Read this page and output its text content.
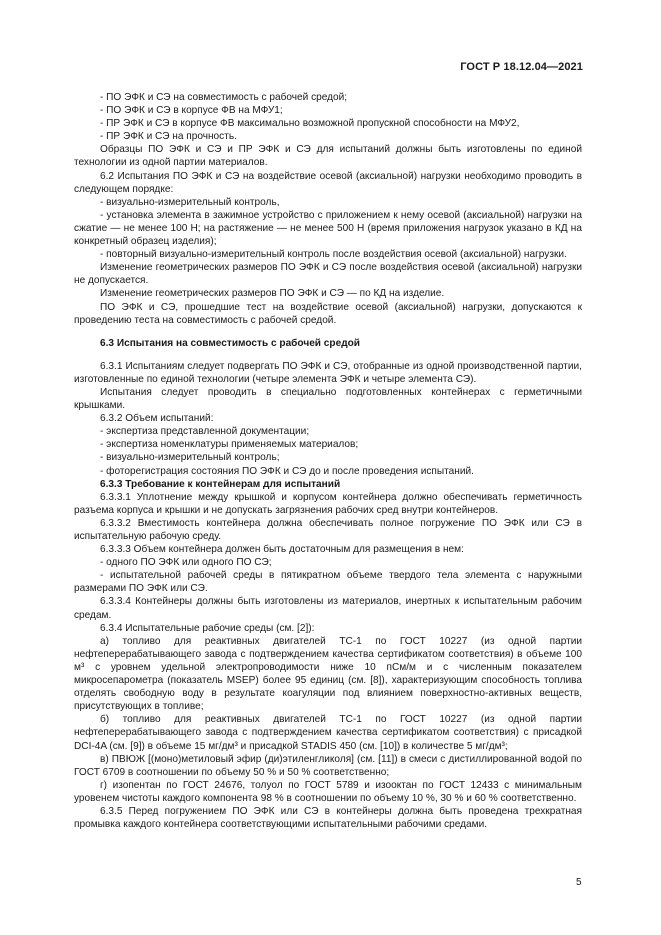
ГОСТ Р 18.12.04—2021

- ПО ЭФК и СЭ на совместимость с рабочей средой;

- ПО ЭФК и СЭ в корпусе ФВ на МФУ1;

- ПР ЭФК и СЭ в корпусе ФВ максимально возможной пропускной способности на МФУ2,

- ПР ЭФК и СЭ на прочность.

Образцы ПО ЭФК и СЭ и ПР ЭФК и СЭ для испытаний должны быть изготовлены по единой технологии из одной партии материалов.

6.2 Испытания ПО ЭФК и СЭ на воздействие осевой (аксиальной) нагрузки необходимо проводить в следующем порядке:

- визуально-измерительный контроль,

- установка элемента в зажимное устройство с приложением к нему осевой (аксиальной) нагрузки на сжатие — не менее 100 Н; на растяжение — не менее 500 Н (время приложения нагрузок указано в КД на конкретный образец изделия);

- повторный визуально-измерительный контроль после воздействия осевой (аксиальной) нагрузки.

Изменение геометрических размеров ПО ЭФК и СЭ после воздействия осевой (аксиальной) нагрузки не допускается.

Изменение геометрических размеров ПО ЭФК и СЭ — по КД на изделие.

ПО ЭФК и СЭ, прошедшие тест на воздействие осевой (аксиальной) нагрузки, допускаются к проведению теста на совместимость с рабочей средой.

6.3 Испытания на совместимость с рабочей средой

6.3.1 Испытаниям следует подвергать ПО ЭФК и СЭ, отобранные из одной производственной партии, изготовленные по единой технологии (четыре элемента ЭФК и четыре элемента СЭ).

Испытания следует проводить в специально подготовленных контейнерах с герметичными крышками.

6.3.2 Объем испытаний:

- экспертиза представленной документации;

- экспертиза номенклатуры применяемых материалов;

- визуально-измерительный контроль;

- фоторегистрация состояния ПО ЭФК и СЭ до и после проведения испытаний.

6.3.3 Требование к контейнерам для испытаний

6.3.3.1 Уплотнение между крышкой и корпусом контейнера должно обеспечивать герметичность разъема корпуса и крышки и не допускать загрязнения рабочих сред внутри контейнеров.

6.3.3.2 Вместимость контейнера должна обеспечивать полное погружение ПО ЭФК или СЭ в испытательную рабочую среду.

6.3.3.3 Объем контейнера должен быть достаточным для размещения в нем:

- одного ПО ЭФК или одного ПО СЭ;

- испытательной рабочей среды в пятикратном объеме твердого тела элемента с наружными размерами ПО ЭФК или СЭ.

6.3.3.4 Контейнеры должны быть изготовлены из материалов, инертных к испытательным рабочим средам.

6.3.4 Испытательные рабочие среды (см. [2]):

а) топливо для реактивных двигателей ТС-1 по ГОСТ 10227 (из одной партии нефтеперерабатывающего завода с подтверждением качества сертификатом соответствия) в объеме 100 м³ с уровнем удельной электропроводимости ниже 10 пСм/м и с численным показателем микросепарометра (показатель MSEP) более 95 единиц (см. [8]), характеризующим способность топлива отделять свободную воду в результате коагуляции под влиянием поверхностно-активных веществ, присутствующих в топливе;

б) топливо для реактивных двигателей ТС-1 по ГОСТ 10227 (из одной партии нефтеперерабатывающего завода с подтверждением качества сертификатом соответствия) с присадкой DCI-4A (см. [9]) в объеме 15 мг/дм³ и присадкой STADIS 450 (см. [10]) в количестве 5 мг/дм³;

в) ПВЮЖ [(моно)метиловый эфир (ди)этиленгликоля] (см. [11]) в смеси с дистиллированной водой по ГОСТ 6709 в соотношении по объему 50 % и 50 % соответственно;

г) изопентан по ГОСТ 24676, толуол по ГОСТ 5789 и изооктан по ГОСТ 12433 с минимальным уровенем чистоты каждого компонента 98 % в соотношении по объему 10 %, 30 % и 60 % соответственно.

6.3.5 Перед погружением ПО ЭФК или СЭ в контейнеры должна быть проведена трехкратная промывка каждого контейнера соответствующими испытательными рабочими средами.

5
